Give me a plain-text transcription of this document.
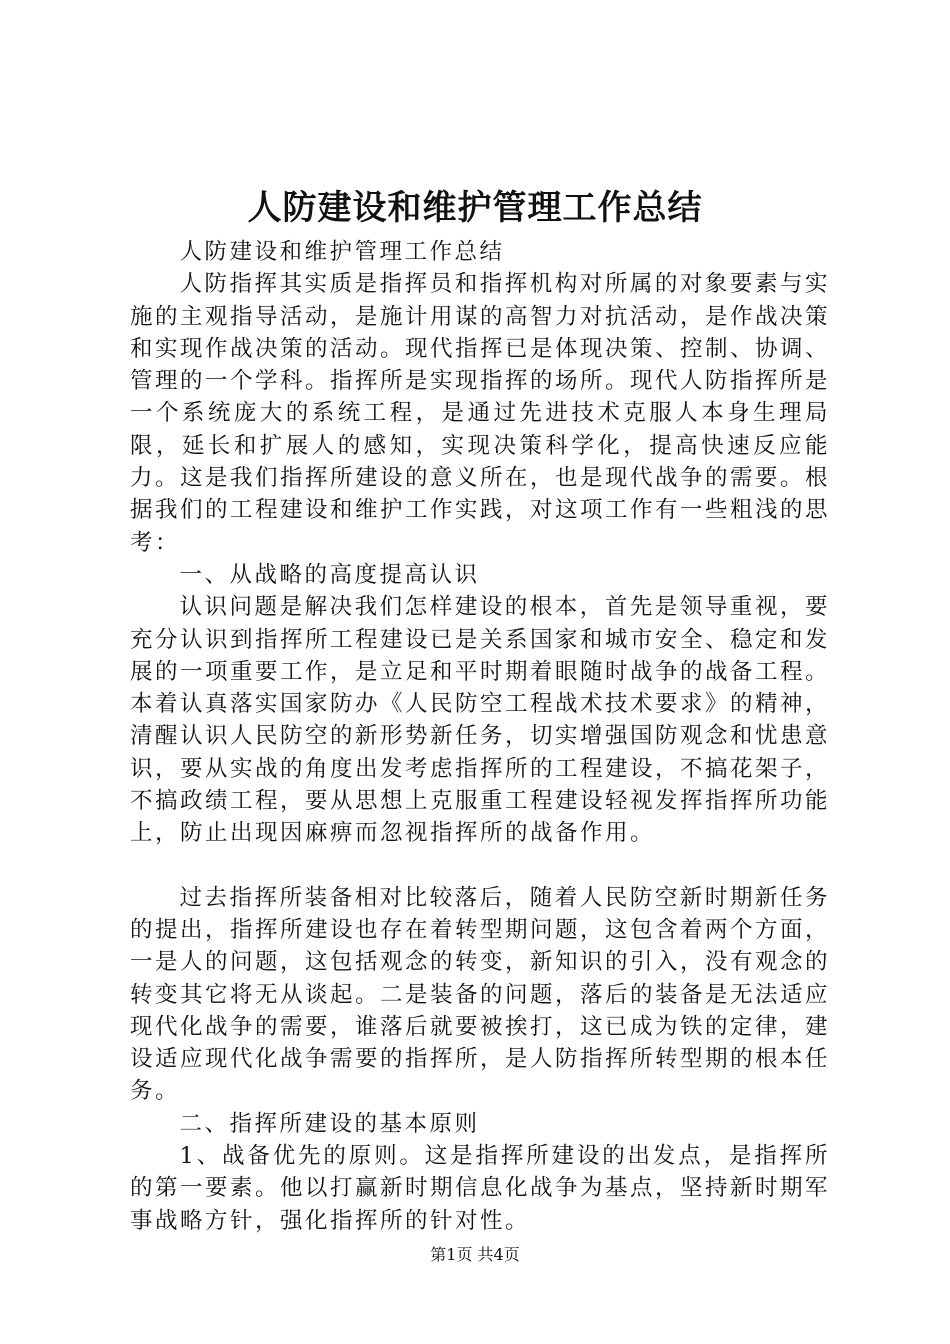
人防建设和维护管理工作总结

人防建设和维护管理工作总结

人防指挥其实质是指挥员和指挥机构对所属的对象要素与实施的主观指导活动，是施计用谋的高智力对抗活动，是作战决策和实现作战决策的活动。现代指挥已是体现决策、控制、协调、管理的一个学科。指挥所是实现指挥的场所。现代人防指挥所是一个系统庞大的系统工程，是通过先进技术克服人本身生理局限，延长和扩展人的感知，实现决策科学化，提高快速反应能力。这是我们指挥所建设的意义所在，也是现代战争的需要。根据我们的工程建设和维护工作实践，对这项工作有一些粗浅的思考：

一、从战略的高度提高认识

认识问题是解决我们怎样建设的根本，首先是领导重视，要充分认识到指挥所工程建设已是关系国家和城市安全、稳定和发展的一项重要工作，是立足和平时期着眼随时战争的战备工程。本着认真落实国家防办《人民防空工程战术技术要求》的精神，清醒认识人民防空的新形势新任务，切实增强国防观念和忧患意识，要从实战的角度出发考虑指挥所的工程建设，不搞花架子，不搞政绩工程，要从思想上克服重工程建设轻视发挥指挥所功能上，防止出现因麻痹而忽视指挥所的战备作用。

过去指挥所装备相对比较落后，随着人民防空新时期新任务的提出，指挥所建设也存在着转型期问题，这包含着两个方面，一是人的问题，这包括观念的转变，新知识的引入，没有观念的转变其它将无从谈起。二是装备的问题，落后的装备是无法适应现代化战争的需要，谁落后就要被挨打，这已成为铁的定律，建设适应现代化战争需要的指挥所，是人防指挥所转型期的根本任务。

二、指挥所建设的基本原则

1、战备优先的原则。这是指挥所建设的出发点，是指挥所的第一要素。他以打赢新时期信息化战争为基点，坚持新时期军事战略方针，强化指挥所的针对性。

第1页 共4页
